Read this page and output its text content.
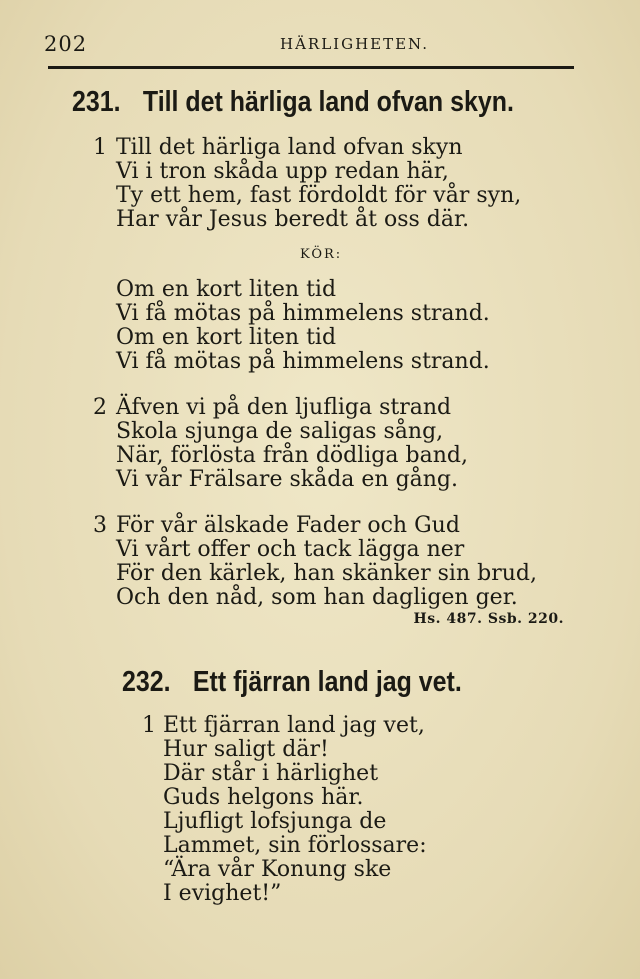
202	HÄRLIGHETEN.
231. Till det härliga land ofvan skyn.
1 Till det härliga land ofvan skyn
Vi i tron skåda upp redan här,
Ty ett hem, fast fördoldt för vår syn,
Har vår Jesus beredt åt oss där.
KÖR:
Om en kort liten tid
Vi få mötas på himmelens strand.
Om en kort liten tid
Vi få mötas på himmelens strand.
2 Äfven vi på den ljufliga strand
Skola sjunga de saligas sång,
När, förlösta från dödliga band,
Vi vår Frälsare skåda en gång.
3 För vår älskade Fader och Gud
Vi vårt offer och tack lägga ner
För den kärlek, han skänker sin brud,
Och den nåd, som han dagligen ger.
Hs. 487. Ssb. 220.
232. Ett fjärran land jag vet.
1 Ett fjärran land jag vet,
Hur saligt där!
Där står i härlighet
Guds helgons här.
Ljufligt lofsjunga de
Lammet, sin förlossare:
“Ära vår Konung ske
I evighet!”
